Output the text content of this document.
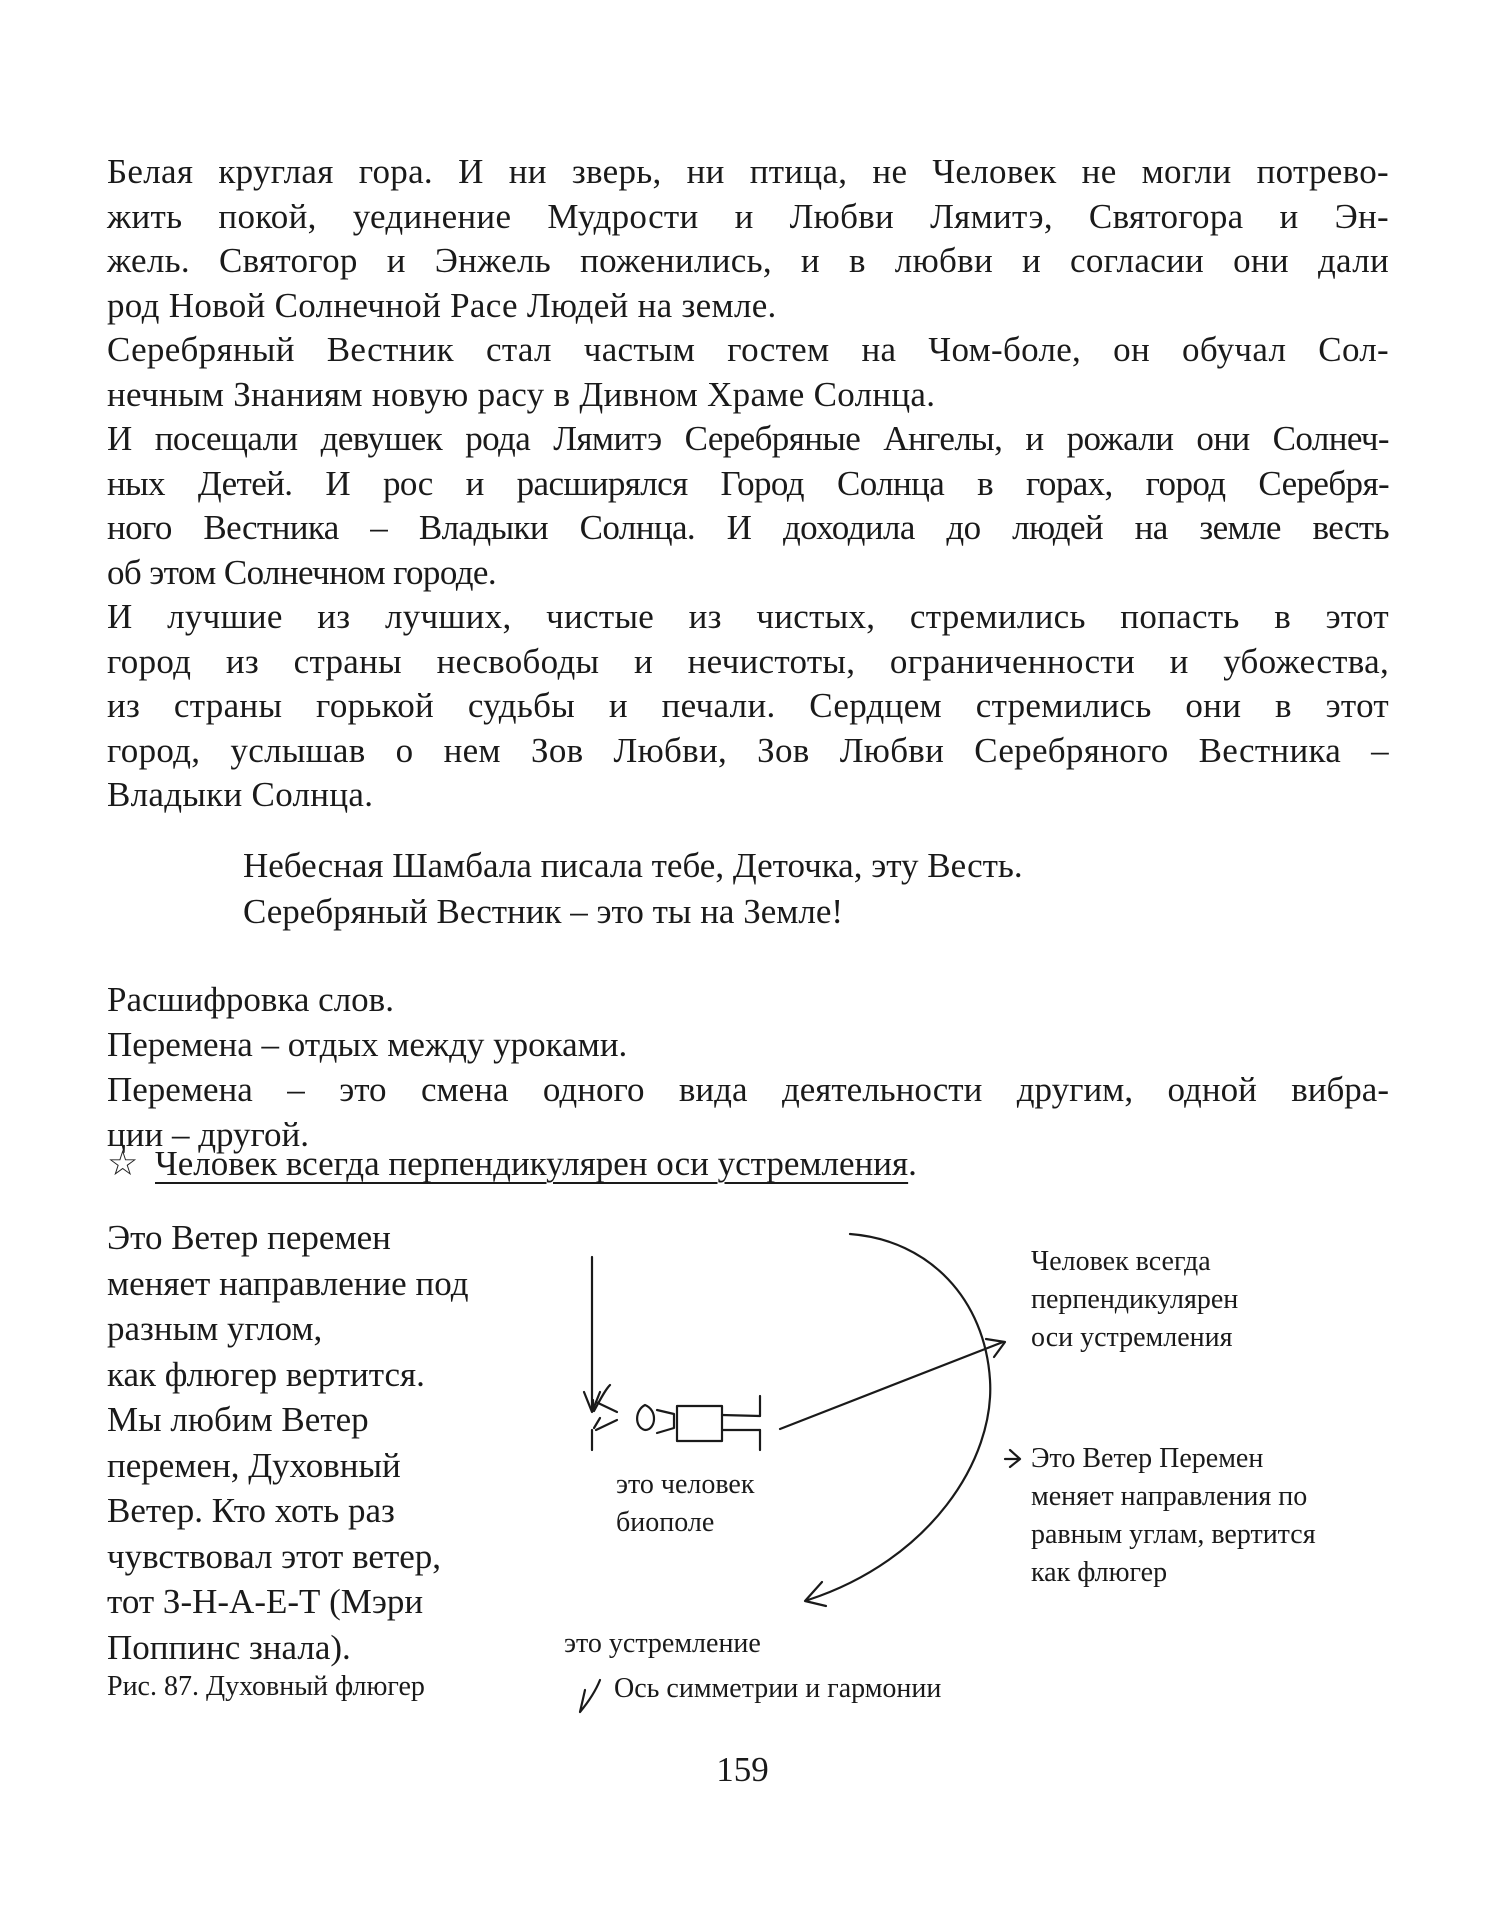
Белая круглая гора. И ни зверь, ни птица, не Человек не могли потрево-
жить покой, уединение Мудрости и Любви Лямитэ, Святогора и Эн-
жель. Святогор и Энжель поженились, и в любви и согласии они дали
род Новой Солнечной Расе Людей на земле.

Серебряный Вестник стал частым гостем на Чом-боле, он обучал Сол-
нечным Знаниям новую расу в Дивном Храме Солнца.

И посещали девушек рода Лямитэ Серебряные Ангелы, и рожали они Солнеч-
ных Детей. И рос и расширялся Город Солнца в горах, город Серебря-
ного Вестника – Владыки Солнца. И доходила до людей на земле весть
об этом Солнечном городе.

И лучшие из лучших, чистые из чистых, стремились попасть в этот
город из страны несвободы и нечистоты, ограниченности и убожества,
из страны горькой судьбы и печали. Сердцем стремились они в этот
город, услышав о нем Зов Любви, Зов Любви Серебряного Вестника –
Владыки Солнца.

Небесная Шамбала писала тебе, Деточка, эту Весть.
Серебряный Вестник – это ты на Земле!

Расшифровка слов.
Перемена – отдых между уроками.
Перемена – это смена одного вида деятельности другим, одной вибра-
ции – другой.

☆ Человек всегда перпендикулярен оси устремления.

Это Ветер перемен
меняет направление под
разным углом,
как флюгер вертится.
Мы любим Ветер
перемен, Духовный
Ветер. Кто хоть раз
чувствовал этот ветер,
тот З-Н-А-Е-Т (Мэри
Поппинс знала).

Рис. 87. Духовный флюгер
Человек всегда
перпендикулярен
оси устремления
Это Ветер Перемен
меняет направления по
равным углам, вертится
как флюгер
это человек
биополе
это устремление
Ось симметрии и гармонии
159
